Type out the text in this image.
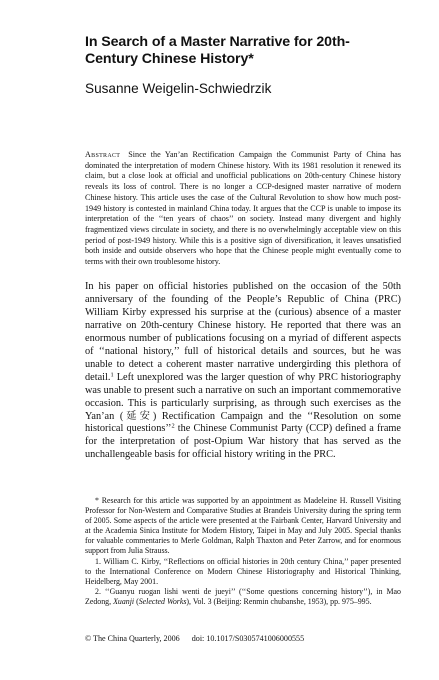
In Search of a Master Narrative for 20th-Century Chinese History*

Susanne Weigelin-Schwiedrzik

Abstract Since the Yan’an Rectification Campaign the Communist Party of China has dominated the interpretation of modern Chinese history. With its 1981 resolution it renewed its claim, but a close look at official and unofficial publications on 20th-century Chinese history reveals its loss of control. There is no longer a CCP-designed master narrative of modern Chinese history. This article uses the case of the Cultural Revolution to show how much post-1949 history is contested in mainland China today. It argues that the CCP is unable to impose its interpretation of the ‘‘ten years of chaos’’ on society. Instead many divergent and highly fragmentized views circulate in society, and there is no overwhelmingly acceptable view on this period of post-1949 history. While this is a positive sign of diversification, it leaves unsatisfied both inside and outside observers who hope that the Chinese people might eventually come to terms with their own troublesome history.

In his paper on official histories published on the occasion of the 50th anniversary of the founding of the People’s Republic of China (PRC) William Kirby expressed his surprise at the (curious) absence of a master narrative on 20th-century Chinese history. He reported that there was an enormous number of publications focusing on a myriad of different aspects of ‘‘national history,’’ full of historical details and sources, but he was unable to detect a coherent master narrative undergirding this plethora of detail.$^1$ Left unexplored was the larger question of why PRC historiography was unable to present such a narrative on such an important commemorative occasion. This is particularly surprising, as through such exercises as the Yan’an (延安) Rectification Campaign and the ‘‘Resolution on some historical questions’’$^2$ the Chinese Communist Party (CCP) defined a frame for the interpretation of post-Opium War history that has served as the unchallengeable basis for official history writing in the PRC.

* Research for this article was supported by an appointment as Madeleine H. Russell Visiting Professor for Non-Western and Comparative Studies at Brandeis University during the spring term of 2005. Some aspects of the article were presented at the Fairbank Center, Harvard University and at the Academia Sinica Institute for Modern History, Taipei in May and July 2005. Special thanks for valuable commentaries to Merle Goldman, Ralph Thaxton and Peter Zarrow, and for enormous support from Julia Strauss.

1. William C. Kirby, ‘‘Reflections on official histories in 20th century China,’’ paper presented to the International Conference on Modern Chinese Historiography and Historical Thinking, Heidelberg, May 2001.

2. ‘‘Guanyu ruogan lishi wenti de jueyi’’ (‘‘Some questions concerning history’’), in Mao Zedong, Xuanji (Selected Works), Vol. 3 (Beijing: Renmin chubanshe, 1953), pp. 975–995.

© The China Quarterly, 2006 doi: 10.1017/S0305741006000555
